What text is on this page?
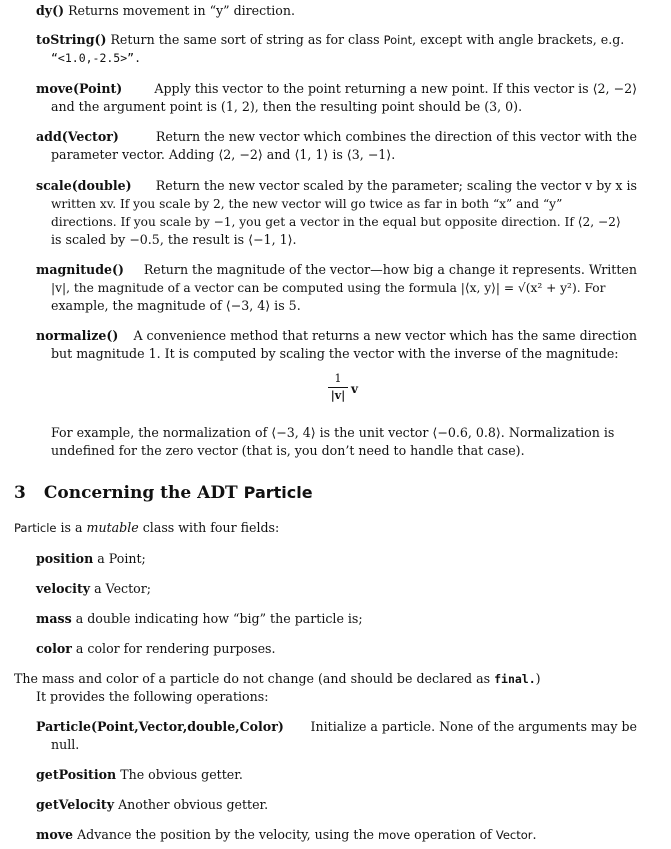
dy() Returns movement in “y” direction.
toString() Return the same sort of string as for class Point, except with angle brackets, e.g.
“<1.0,-2.5>”.
move(Point)	Apply this vector to the point returning a new point. If this vector is ⟨2, −2⟩
and the argument point is (1, 2), then the resulting point should be (3, 0).
add(Vector)	Return the new vector which combines the direction of this vector with the
parameter vector. Adding ⟨2, −2⟩ and ⟨1, 1⟩ is ⟨3, −1⟩.
scale(double) Return the new vector scaled by the parameter; scaling the vector v by x is
written xv. If you scale by 2, the new vector will go twice as far in both “x” and “y”
directions. If you scale by −1, you get a vector in the equal but opposite direction. If ⟨2, −2⟩
is scaled by −0.5, the result is ⟨−1, 1⟩.
magnitude() Return the magnitude of the vector—how big a change it represents. Written
|v|, the magnitude of a vector can be computed using the formula |⟨x, y⟩| = √(x² + y²). For
example, the magnitude of ⟨−3, 4⟩ is 5.
normalize() A convenience method that returns a new vector which has the same direction
but magnitude 1. It is computed by scaling the vector with the inverse of the magnitude:
1
|v| v
For example, the normalization of ⟨−3, 4⟩ is the unit vector ⟨−0.6, 0.8⟩. Normalization is
undefined for the zero vector (that is, you don’t need to handle that case).
3 Concerning the ADT Particle
Particle is a mutable class with four fields:
position a Point;
velocity a Vector;
mass a double indicating how “big” the particle is;
color a color for rendering purposes.
The mass and color of a particle do not change (and should be declared as final.)
It provides the following operations:
Particle(Point,Vector,double,Color) Initialize a particle. None of the arguments may be
null.
getPosition The obvious getter.
getVelocity Another obvious getter.
move Advance the position by the velocity, using the move operation of Vector.
